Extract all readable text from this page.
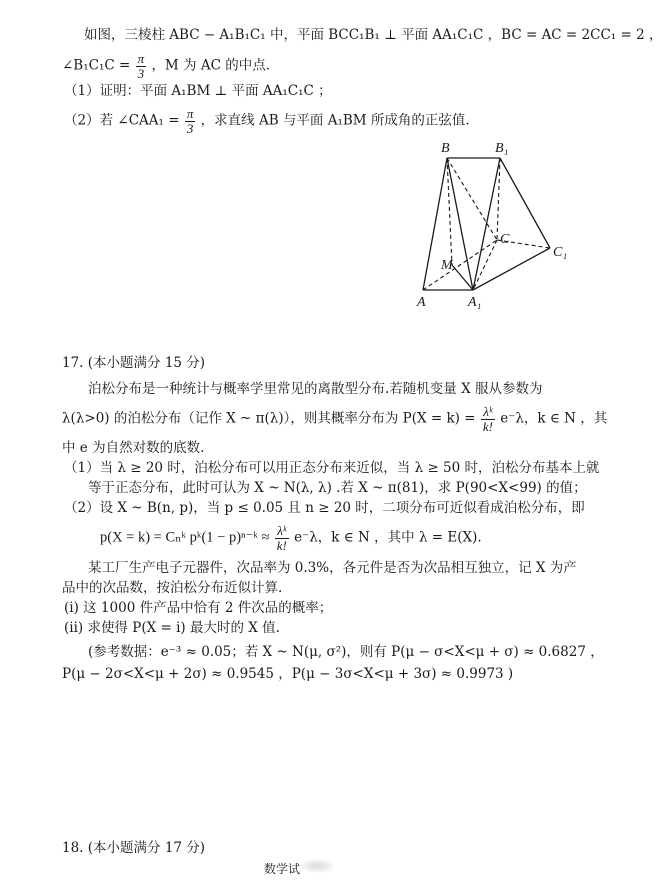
如图，三棱柱 ABC − A₁B₁C₁ 中，平面 BCC₁B₁ ⊥ 平面 AA₁C₁C ，BC = AC = 2CC₁ = 2 ，
∠B₁C₁C = $\frac{\pi}{3}$ ，M 为 AC 的中点.
（1）证明：平面 A₁BM ⊥ 平面 AA₁C₁C ；
（2）若 ∠CAA₁ = $\frac{\pi}{3}$ ，求直线 AB 与平面 A₁BM 所成角的正弦值.
B	B₁
C
C₁
M
A	A₁
17. (本小题满分 15 分)
泊松分布是一种统计与概率学里常见的离散型分布.若随机变量 X 服从参数为
λ(λ>0) 的泊松分布（记作 X ~ π(λ)），则其概率分布为 $P(X = k) = \frac{\text{λᵏ}}{k!} e^-\lambda$，k ∈ N ，其
中 e 为自然对数的底数.
（1）当 λ ≥ 20 时，泊松分布可以用正态分布来近似，当 λ ≥ 50 时，泊松分布基本上就
等于正态分布，此时可认为 X ~ N(λ, λ) .若 X ~ π(81)，求 P(90<X<99) 的值；
（2）设 X ~ B(n, p)，当 p ≤ 0.05 且 n ≥ 20 时，二项分布可近似看成泊松分布，即
p(X = k) = Cₙᵏ pᵏ(1 − p)ⁿ⁻ᵏ ≈ $\frac{\text{λᵏ}}{k!} e^-\lambda$，k ∈ N ，其中 λ = E(X).
某工厂生产电子元器件，次品率为 0.3%，各元件是否为次品相互独立，记 X 为产
品中的次品数，按泊松分布近似计算.
(i) 这 1000 件产品中恰有 2 件次品的概率；
(ii) 求使得 P(X = i) 最大时的 X 值.
(参考数据：e⁻³ ≈ 0.05；若 X ~ N(μ, σ²)，则有 P(μ − σ<X<μ + σ) ≈ 0.6827 ，
P(μ − 2σ<X<μ + 2σ) ≈ 0.9545 ，P(μ − 3σ<X<μ + 3σ) ≈ 0.9973 )
18. (本小题满分 17 分)
数学试
